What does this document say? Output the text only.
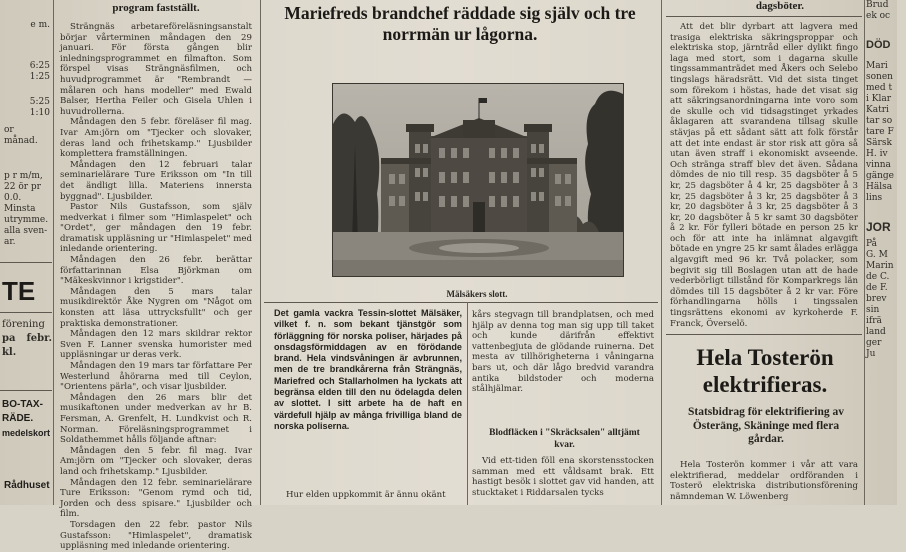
e m.
6:25
1:25
5:25
1:10
or månad.
p r m/m,
22 ör pr
0.0. Minsta
utrymme.
alla sven-
ar.
TE
förening
pa febr. kl.
BO-TAX-
RÄDE.
medelskort
Rådhuset
program fastställt.

Strängnäs arbetareföreläsningsanstalt börjar vårterminen måndagen den 29 januari. För första gången blir inledningsprogrammet en filmafton. Som förspel visas Strängnäsfilmen, och huvudprogrammet är "Rembrandt — målaren och hans modeller" med Ewald Balser, Hertha Feiler och Gisela Uhlen i huvudrollerna.

Måndagen den 5 febr. föreläser fil mag. Ivar Am:jörn om "Tjecker och slovaker, deras land och frihetskamp." Ljusbilder komplettera framställningen.

Måndagen den 12 februari talar seminarielärare Ture Eriksson om "In till det ändligt lilla. Materiens innersta byggnad". Ljusbilder.

Pastor Nils Gustafsson, som själv medverkat i filmer som "Himlaspelet" och "Ordet", ger måndagen den 19 febr. dramatisk uppläsning ur "Himlaspelet" med inledande orientering.

Måndagen den 26 febr. berättar författarinnan Elsa Björkman om "Mäkeskvinnor i krigstider".

Måndagen den 5 mars talar musikdirektör Åke Nygren om "Något om konsten att läsa uttrycksfullt" och ger praktiska demonstrationer.

Måndagen den 12 mars skildrar rektor Sven F. Lanner svenska humorister med uppläsningar ur deras verk.

Måndagen den 19 mars tar författare Per Westerlund åhörarna med till Ceylon, "Orientens pärla", och visar ljusbilder.

Måndagen den 26 mars blir det musikaftonen under medverkan av hr B. Fersman, A. Grenfelt, H. Lundkvist och R. Norman. Föreläsningsprogrammet i Soldathemmet hålls följande aftnar:

Måndagen den 5 febr. fil mag. Ivar Am:jörn om "Tjecker och slovaker, deras land och frihetskamp." Ljusbilder.

Måndagen den 12 febr. seminarielärare Ture Eriksson: "Genom rymd och tid, Jorden och dess spisare." Ljusbilder och film.

Torsdagen den 22 febr. pastor Nils Gustafsson: "Himlaspelet", dramatisk uppläsning med inledande orientering.

Mariefreds brandchef räddade sig själv och tre norrmän ur lågorna.
Mälsäkers slott.
Det gamla vackra Tessin-slottet Mälsäker, vilket f. n. som bekant tjänstgör som förläggning för norska poliser, härjades på onsdagsförmiddagen av en förödande brand. Hela vindsvåningen är avbrunnen, men de tre brandkårerna från Strängnäs, Mariefred och Stallarholmen ha lyckats att begränsa elden till den nu ödelagda delen av slottet. I sitt arbete ha de haft en värdefull hjälp av många frivilliga bland de norska poliserna.
Hur elden uppkommit är ännu okänt

kårs stegvagn till brandplatsen, och med hjälp av denna tog man sig upp till taket och kunde därifrån effektivt vattenbegjuta de glödande ruinerna. Det mesta av tillhörigheterna i våningarna bars ut, och där lågo bredvid varandra antika bildstoder och moderna stålhjälmar.

Blodfläcken i "Skräcksalen" alltjämt kvar.

Vid ett-tiden föll ena skorstensstocken samman med ett våldsamt brak. Ett hastigt besök i slottet gav vid handen, att stucktaket i Riddarsalen tycks

dagsböter.

Att det blir dyrbart att lagvera med trasiga elektriska säkringsproppar och elektriska stop, järntråd eller dylikt fingo laga med stort, som i dagarna skulle tingssammanträdet med Åkers och Selebo tingslags häradsrätt. Vid det sista tinget som förekom i höstas, hade det visat sig att säkringsanordningarna inte voro som de skulle och vid tidsagstinget yrkades åklagaren att svarandena tillsag skulle stävjas på ett sådant sätt att folk förstår att det inte endast är stor risk att göra så utan även straff i ekonomiskt avseende. Och stränga straff blev det även. Sådana dömdes de nio till resp. 35 dagsböter å 5 kr, 25 dagsböter å 4 kr, 25 dagsböter å 3 kr, 25 dagsböter å 3 kr, 25 dagsböter å 3 kr, 20 dagsböter å 3 kr, 25 dagsböter å 3 kr, 20 dagsböter å 5 kr samt 30 dagsböter å 2 kr. För fylleri bötade en person 25 kr och för att inte ha inlämnat algavgift bötade en yngre 25 kr samt ålades erlägga algavgift med 96 kr. Två polacker, som begivit sig till Boslagen utan att de hade vederbörligt tillstånd för Komparkregs län dömdes till 15 dagsböter å 2 kr var. Före förhandlingarna hölls i tingssalen tingsrättens ekonomi av kyrkoherde F. Franck, Överselö.

Hela Tosterön elektrifieras.
Statsbidrag för elektrifiering av Österäng, Skäninge med flera gårdar.

Hela Tosterön kommer i vår att vara elektrifierad, meddelar ordföranden i Tosterö elektriska distributionsförening nämndeman W. Löwenberg

Brud
ek oc
DÖD
Mari
sonen
med t
i Klar
Katri
tar so
tare F
Särsk
H. iv
vinna
gänge
Hälsa
lins
JOR
På
G. M
Marin
de C.
de F.
brev
sin
ifrä
land
ger
Ju
